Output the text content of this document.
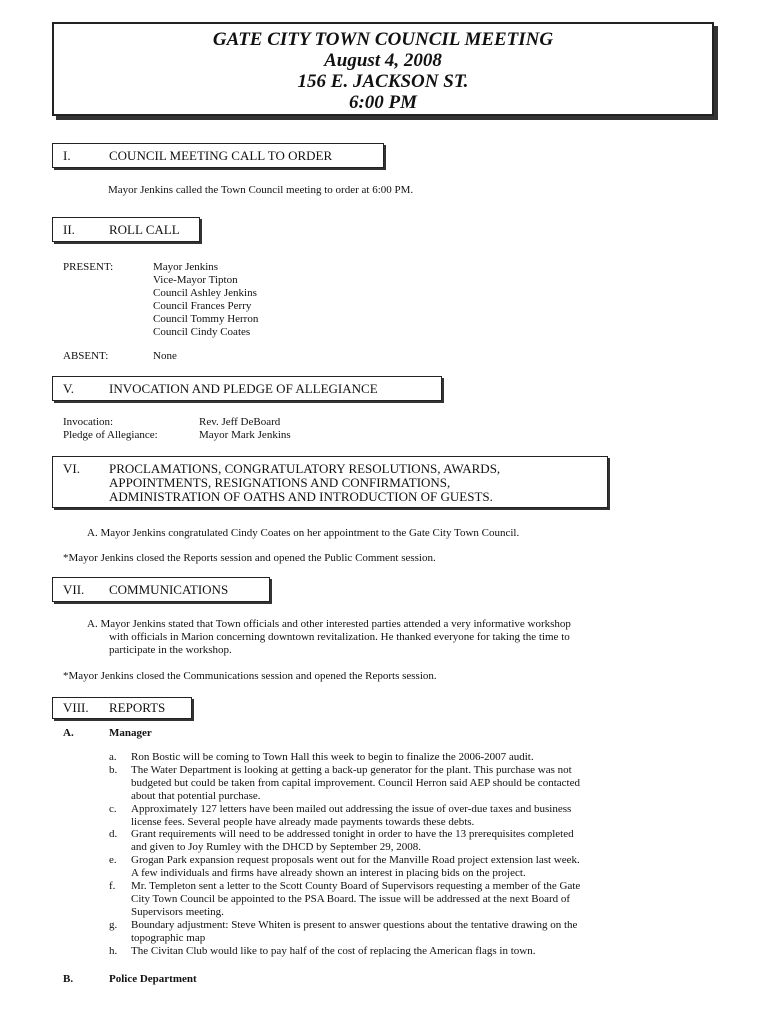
GATE CITY TOWN COUNCIL MEETING
August 4, 2008
156 E. JACKSON ST.
6:00 PM
I.	COUNCIL MEETING CALL TO ORDER
Mayor Jenkins called the Town Council meeting to order at 6:00 PM.
II.	ROLL CALL
PRESENT:	Mayor Jenkins
Vice-Mayor Tipton
Council Ashley Jenkins
Council Frances Perry
Council Tommy Herron
Council Cindy Coates
ABSENT:	None
V.	INVOCATION AND PLEDGE OF ALLEGIANCE
Invocation:	Rev. Jeff DeBoard
Pledge of Allegiance:	Mayor Mark Jenkins
VI. PROCLAMATIONS, CONGRATULATORY RESOLUTIONS, AWARDS,
APPOINTMENTS, RESIGNATIONS AND CONFIRMATIONS,
ADMINISTRATION OF OATHS AND INTRODUCTION OF GUESTS.
A. Mayor Jenkins congratulated Cindy Coates on her appointment to the Gate City Town Council.
*Mayor Jenkins closed the Reports session and opened the Public Comment session.
VII. COMMUNICATIONS
A. Mayor Jenkins stated that Town officials and other interested parties attended a very informative workshop
with officials in Marion concerning downtown revitalization. He thanked everyone for taking the time to
participate in the workshop.
*Mayor Jenkins closed the Communications session and opened the Reports session.
VIII. REPORTS
A.	Manager
a. Ron Bostic will be coming to Town Hall this week to begin to finalize the 2006-2007 audit.
b. The Water Department is looking at getting a back-up generator for the plant. This purchase was not
budgeted but could be taken from capital improvement. Council Herron said AEP should be contacted
about that potential purchase.
c. Approximately 127 letters have been mailed out addressing the issue of over-due taxes and business
license fees. Several people have already made payments towards these debts.
d. Grant requirements will need to be addressed tonight in order to have the 13 prerequisites completed
and given to Joy Rumley with the DHCD by September 29, 2008.
e. Grogan Park expansion request proposals went out for the Manville Road project extension last week.
A few individuals and firms have already shown an interest in placing bids on the project.
f. Mr. Templeton sent a letter to the Scott County Board of Supervisors requesting a member of the Gate
City Town Council be appointed to the PSA Board. The issue will be addressed at the next Board of
Supervisors meeting.
g. Boundary adjustment: Steve Whiten is present to answer questions about the tentative drawing on the
topographic map
h. The Civitan Club would like to pay half of the cost of replacing the American flags in town.
B.	Police Department
